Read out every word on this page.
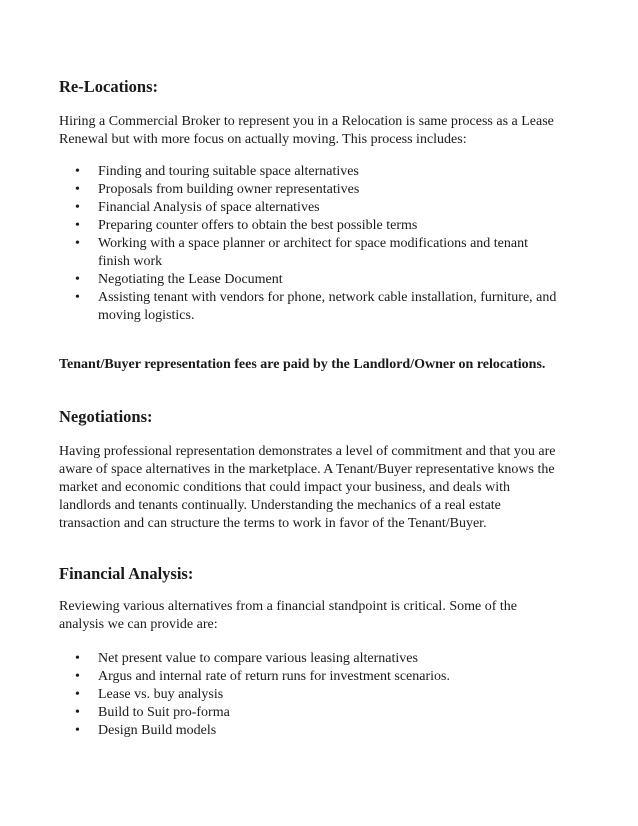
Re-Locations:
Hiring a Commercial Broker to represent you in a Relocation is same process as a Lease
Renewal but with more focus on actually moving. This process includes:
• Finding and touring suitable space alternatives
• Proposals from building owner representatives
• Financial Analysis of space alternatives
• Preparing counter offers to obtain the best possible terms
• Working with a space planner or architect for space modifications and tenant finish work
• Negotiating the Lease Document
• Assisting tenant with vendors for phone, network cable installation, furniture, and moving logistics.
Tenant/Buyer representation fees are paid by the Landlord/Owner on relocations.
Negotiations:
Having professional representation demonstrates a level of commitment and that you are
aware of space alternatives in the marketplace. A Tenant/Buyer representative knows the
market and economic conditions that could impact your business, and deals with
landlords and tenants continually. Understanding the mechanics of a real estate
transaction and can structure the terms to work in favor of the Tenant/Buyer.
Financial Analysis:
Reviewing various alternatives from a financial standpoint is critical. Some of the
analysis we can provide are:
• Net present value to compare various leasing alternatives
• Argus and internal rate of return runs for investment scenarios.
• Lease vs. buy analysis
• Build to Suit pro-forma
• Design Build models
